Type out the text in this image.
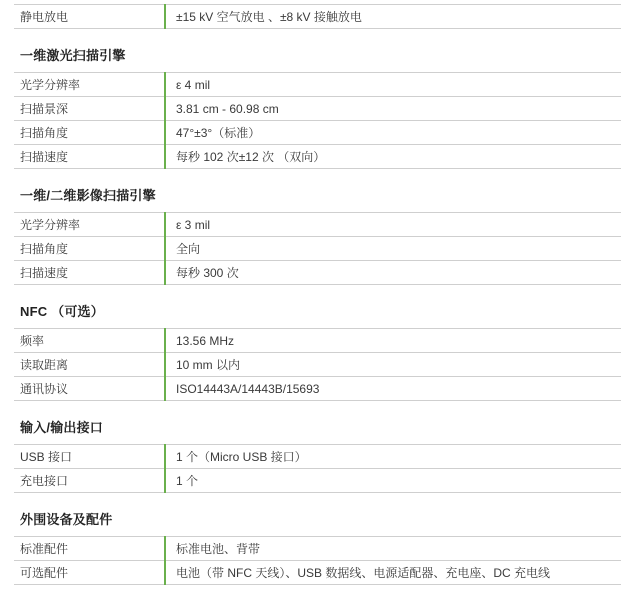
静电放电	±15 kV 空气放电 、±8 kV 接触放电
一维激光扫描引擎
光学分辨率	ε 4 mil
扫描景深	3.81 cm - 60.98 cm
扫描角度	47°±3°（标准）
扫描速度	每秒 102 次±12 次 （双向）
一维/二维影像扫描引擎
光学分辨率	ε 3 mil
扫描角度	全向
扫描速度	每秒 300 次
NFC （可选）
频率	13.56 MHz
读取距离	10 mm 以内
通讯协议	ISO14443A/14443B/15693
输入/输出接口
USB 接口	1 个（Micro USB 接口）
充电接口	1 个
外围设备及配件
标准配件	标准电池、背带
可选配件	电池（带 NFC 天线）、USB 数据线、电源适配器、充电座、DC 充电线
